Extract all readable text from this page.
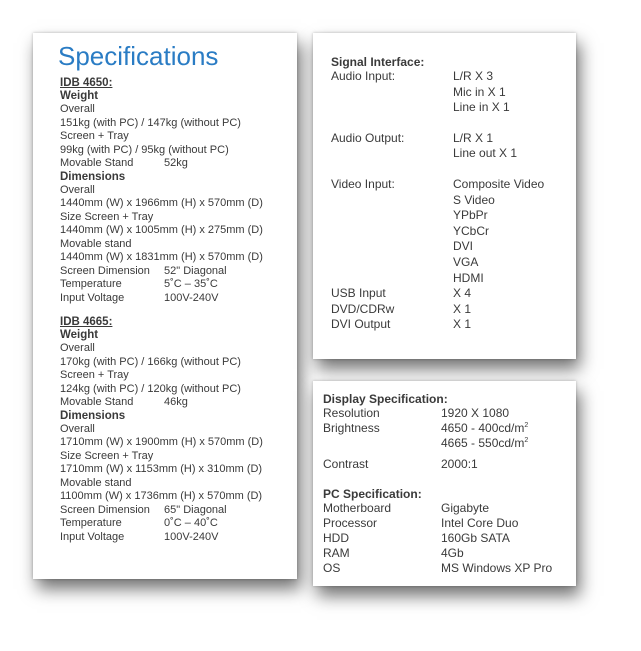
Specifications
IDB 4650:
Weight
Overall
151kg (with PC) / 147kg (without PC)
Screen + Tray
99kg (with PC) / 95kg (without PC)
Movable Stand	52kg
Dimensions
Overall
1440mm (W) x 1966mm (H) x 570mm (D)
Size Screen + Tray
1440mm (W) x 1005mm (H) x 275mm (D)
Movable stand
1440mm (W) x 1831mm (H) x 570mm (D)
Screen Dimension	52" Diagonal
Temperature	5˚C – 35˚C
Input Voltage	100V-240V
IDB 4665:
Weight
Overall
170kg (with PC) / 166kg (without PC)
Screen + Tray
124kg (with PC) / 120kg (without PC)
Movable Stand	46kg
Dimensions
Overall
1710mm (W) x 1900mm (H) x 570mm (D)
Size Screen + Tray
1710mm (W) x 1153mm (H) x 310mm (D)
Movable stand
1100mm (W) x 1736mm (H) x 570mm (D)
Screen Dimension	65" Diagonal
Temperature	0˚C – 40˚C
Input Voltage	100V-240V
Signal Interface:
Audio Input:	L/R X 3
Mic in X 1
Line in X 1
Audio Output:	L/R X 1
Line out X 1
Video Input:	Composite Video
S Video
YPbPr
YCbCr
DVI
VGA
HDMI
USB Input	X 4
DVD/CDRw	X 1
DVI Output	X 1
Display Specification:
Resolution	1920 X 1080
Brightness	$4650 - 400cd/m^2$
$4665 - 550cd/m^2$
Contrast	2000:1
PC Specification:
Motherboard	Gigabyte
Processor	Intel Core Duo
HDD	160Gb SATA
RAM	4Gb
OS	MS Windows XP Pro
